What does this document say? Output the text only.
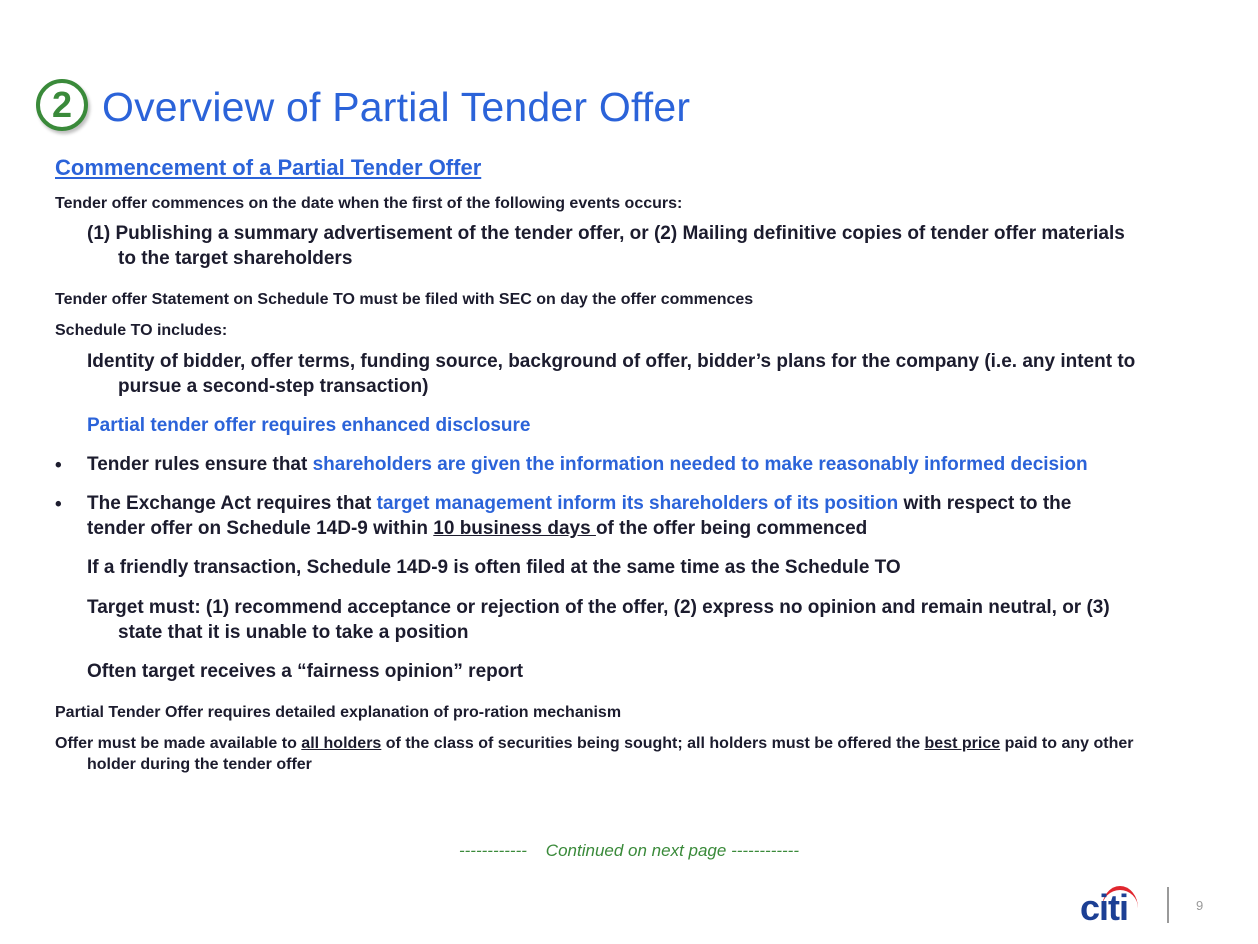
2 Overview of Partial Tender Offer
Commencement of a Partial Tender Offer
Tender offer commences on the date when the first of the following events occurs:
(1) Publishing a summary advertisement of the tender offer, or (2) Mailing definitive copies of tender offer materials
to the target shareholders
Tender offer Statement on Schedule TO must be filed with SEC on day the offer commences
Schedule TO includes:
Identity of bidder, offer terms, funding source, background of offer, bidder’s plans for the company (i.e. any intent to
pursue a second-step transaction)
Partial tender offer requires enhanced disclosure
• Tender rules ensure that shareholders are given the information needed to make reasonably informed decision
• The Exchange Act requires that target management inform its shareholders of its position with respect to the
tender offer on Schedule 14D-9 within 10 business days of the offer being commenced
If a friendly transaction, Schedule 14D-9 is often filed at the same time as the Schedule TO
Target must: (1) recommend acceptance or rejection of the offer, (2) express no opinion and remain neutral, or (3)
state that it is unable to take a position
Often target receives a “fairness opinion” report
Partial Tender Offer requires detailed explanation of pro-ration mechanism
Offer must be made available to all holders of the class of securities being sought; all holders must be offered the best price paid to any other
holder during the tender offer
------------    Continued on next page ------------
citi	9
